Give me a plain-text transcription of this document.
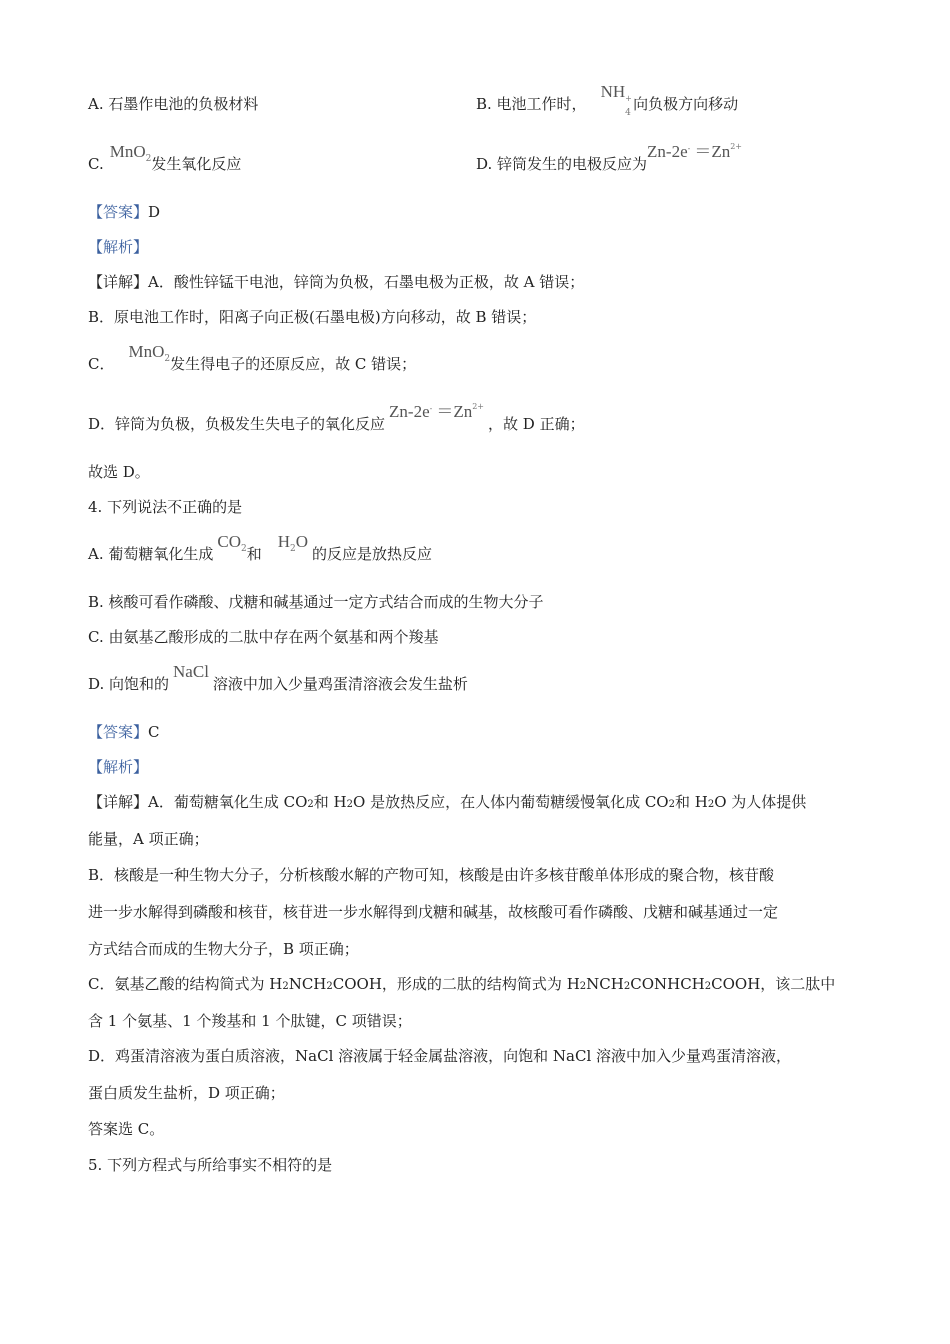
A. 石墨作电池的负极材料	B. 电池工作时，NH +
4 向负极方向移动
C.MnO$^2$发生氧化反应	D. 锌筒发生的电极反应为$Zn-2e^- =Zn^{2+}$
【答案】D
【解析】
【详解】A．酸性锌锰干电池，锌筒为负极，石墨电极为正极，故 A 错误；
B．原电池工作时，阳离子向正极(石墨电极)方向移动，故 B 错误；
C．MnO$^2$发生得电子的还原反应，故 C 错误；
D．锌筒为负极，负极发生失电子的氧化反应$Zn-2e^- =Zn^{2+}$，故 D 正确；
故选 D。
4. 下列说法不正确的是
A. 葡萄糖氧化生成$CO^2$和$H^2O$的反应是放热反应
B. 核酸可看作磷酸、戊糖和碱基通过一定方式结合而成的生物大分子
C. 由氨基乙酸形成的二肽中存在两个氨基和两个羧基
D. 向饱和的NaCl溶液中加入少量鸡蛋清溶液会发生盐析
【答案】C
【解析】
【详解】A．葡萄糖氧化生成 CO2和 H2O 是放热反应，在人体内葡萄糖缓慢氧化成 CO2和 H2O 为人体提供
能量，A 项正确；
B．核酸是一种生物大分子，分析核酸水解的产物可知，核酸是由许多核苷酸单体形成的聚合物，核苷酸
进一步水解得到磷酸和核苷，核苷进一步水解得到戊糖和碱基，故核酸可看作磷酸、戊糖和碱基通过一定
方式结合而成的生物大分子，B 项正确；
C．氨基乙酸的结构简式为 H2NCH2COOH，形成的二肽的结构简式为 H2NCH2CONHCH2COOH，该二肽中
含 1 个氨基、1 个羧基和 1 个肽键，C 项错误；
D．鸡蛋清溶液为蛋白质溶液，NaCl 溶液属于轻金属盐溶液，向饱和 NaCl 溶液中加入少量鸡蛋清溶液，
蛋白质发生盐析，D 项正确；
答案选 C。
5. 下列方程式与所给事实不相符的是
